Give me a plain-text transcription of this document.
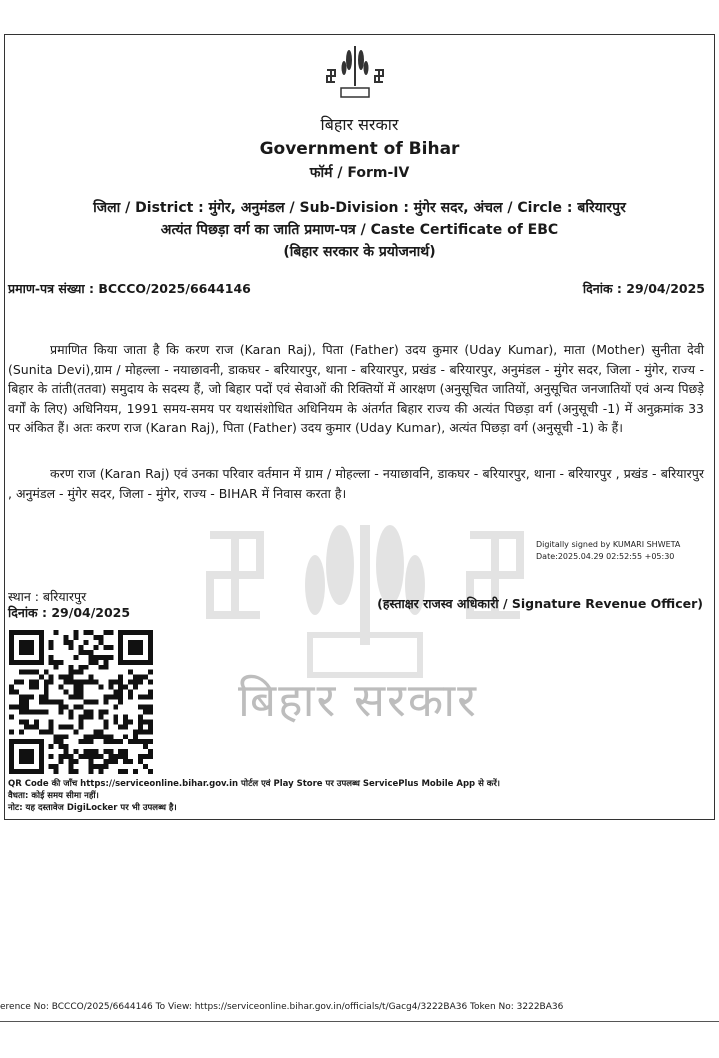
बिहार सरकार
बिहार सरकार
Government of Bihar
फॉर्म / Form-IV
जिला / District : मुंगेर, अनुमंडल / Sub-Division : मुंगेर सदर, अंचल / Circle : बरियारपुर
अत्यंत पिछड़ा वर्ग का जाति प्रमाण-पत्र / Caste Certificate of EBC
(बिहार सरकार के प्रयोजनार्थ)
प्रमाण-पत्र संख्या : BCCCO/2025/6644146	दिनांक : 29/04/2025

प्रमाणित किया जाता है कि करण राज (Karan Raj), पिता (Father) उदय कुमार (Uday Kumar), माता (Mother) सुनीता देवी (Sunita Devi),ग्राम / मोहल्ला - नयाछावनी, डाकघर - बरियारपुर, थाना - बरियारपुर, प्रखंड - बरियारपुर, अनुमंडल - मुंगेर सदर, जिला - मुंगेर, राज्य - बिहार के तांती(ततवा) समुदाय के सदस्य हैं, जो बिहार पदों एवं सेवाओं की रिक्तियों में आरक्षण (अनुसूचित जातियों, अनुसूचित जनजातियों एवं अन्य पिछड़े वर्गों के लिए) अधिनियम, 1991 समय-समय पर यथासंशोधित अधिनियम के अंतर्गत बिहार राज्य की अत्यंत पिछड़ा वर्ग (अनुसूची -1) में अनुक्रमांक 33 पर अंकित हैं। अतः करण राज (Karan Raj), पिता (Father) उदय कुमार (Uday Kumar), अत्यंत पिछड़ा वर्ग (अनुसूची -1) के हैं।

करण राज (Karan Raj) एवं उनका परिवार वर्तमान में ग्राम / मोहल्ला - नयाछावनि, डाकघर - बरियारपुर, थाना - बरियारपुर , प्रखंड - बरियारपुर , अनुमंडल - मुंगेर सदर, जिला - मुंगेर, राज्य - BIHAR में निवास करता है।

Digitally signed by KUMARI SHWETA
Date:2025.04.29 02:52:55 +05:30
स्थान : बरियारपुर
दिनांक : 29/04/2025
(हस्ताक्षर राजस्व अधिकारी / Signature Revenue Officer)
QR Code की जाँच https://serviceonline.bihar.gov.in पोर्टल एवं Play Store पर उपलब्ध ServicePlus Mobile App से करें।
वैधता: कोई समय सीमा नहीं।
नोट: यह दस्तावेज DigiLocker पर भी उपलब्ध है।
erence No: BCCCO/2025/6644146 To View: https://serviceonline.bihar.gov.in/officials/t/Gacg4/3222BA36 Token No: 3222BA36
